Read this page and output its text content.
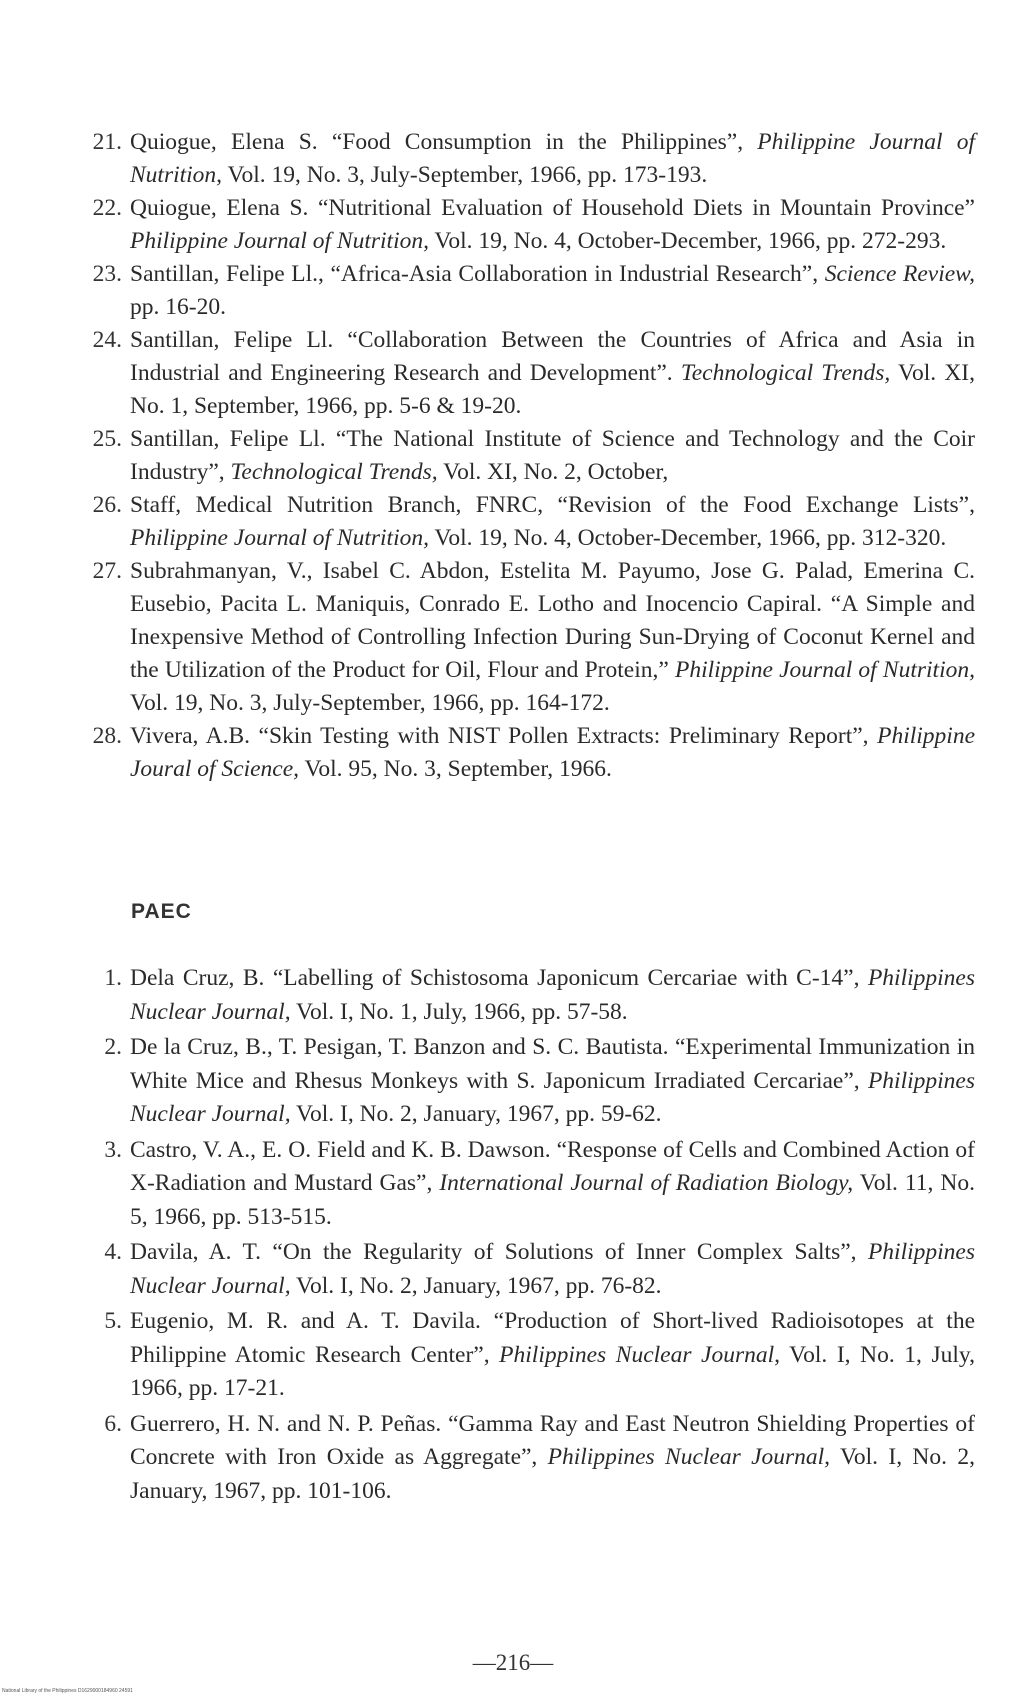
21. Quiogue, Elena S. “Food Consumption in the Philippines”, Philippine Journal of Nutrition, Vol. 19, No. 3, July-September, 1966, pp. 173-193.
22. Quiogue, Elena S. “Nutritional Evaluation of Household Diets in Mountain Province” Philippine Journal of Nutrition, Vol. 19, No. 4, October-December, 1966, pp. 272-293.
23. Santillan, Felipe Ll., “Africa-Asia Collaboration in Industrial Research”, Science Review, pp. 16-20.
24. Santillan, Felipe Ll. “Collaboration Between the Countries of Africa and Asia in Industrial and Engineering Research and Development”. Technological Trends, Vol. XI, No. 1, September, 1966, pp. 5-6 & 19-20.
25. Santillan, Felipe Ll. “The National Institute of Science and Technology and the Coir Industry”, Technological Trends, Vol. XI, No. 2, October,
26. Staff, Medical Nutrition Branch, FNRC, “Revision of the Food Exchange Lists”, Philippine Journal of Nutrition, Vol. 19, No. 4, October-December, 1966, pp. 312-320.
27. Subrahmanyan, V., Isabel C. Abdon, Estelita M. Payumo, Jose G. Palad, Emerina C. Eusebio, Pacita L. Maniquis, Conrado E. Lotho and Inocencio Capiral. “A Simple and Inexpensive Method of Controlling Infection During Sun-Drying of Coconut Kernel and the Utilization of the Product for Oil, Flour and Protein,” Philippine Journal of Nutrition, Vol. 19, No. 3, July-September, 1966, pp. 164-172.
28. Vivera, A.B. “Skin Testing with NIST Pollen Extracts: Preliminary Report”, Philippine Joural of Science, Vol. 95, No. 3, September, 1966.
PAEC
1. Dela Cruz, B. “Labelling of Schistosoma Japonicum Cercariae with C-14”, Philippines Nuclear Journal, Vol. I, No. 1, July, 1966, pp. 57-58.
2. De la Cruz, B., T. Pesigan, T. Banzon and S. C. Bautista. “Experimental Immunization in White Mice and Rhesus Monkeys with S. Japonicum Irradiated Cercariae”, Philippines Nuclear Journal, Vol. I, No. 2, January, 1967, pp. 59-62.
3. Castro, V. A., E. O. Field and K. B. Dawson. “Response of Cells and Combined Action of X-Radiation and Mustard Gas”, International Journal of Radiation Biology, Vol. 11, No. 5, 1966, pp. 513-515.
4. Davila, A. T. “On the Regularity of Solutions of Inner Complex Salts”, Philippines Nuclear Journal, Vol. I, No. 2, January, 1967, pp. 76-82.
5. Eugenio, M. R. and A. T. Davila. “Production of Short-lived Radioisotopes at the Philippine Atomic Research Center”, Philippines Nuclear Journal, Vol. I, No. 1, July, 1966, pp. 17-21.
6. Guerrero, H. N. and N. P. Peñas. “Gamma Ray and East Neutron Shielding Properties of Concrete with Iron Oxide as Aggregate”, Philippines Nuclear Journal, Vol. I, No. 2, January, 1967, pp. 101-106.
—216—
National Library of the Philippines D1629000184960 24591
